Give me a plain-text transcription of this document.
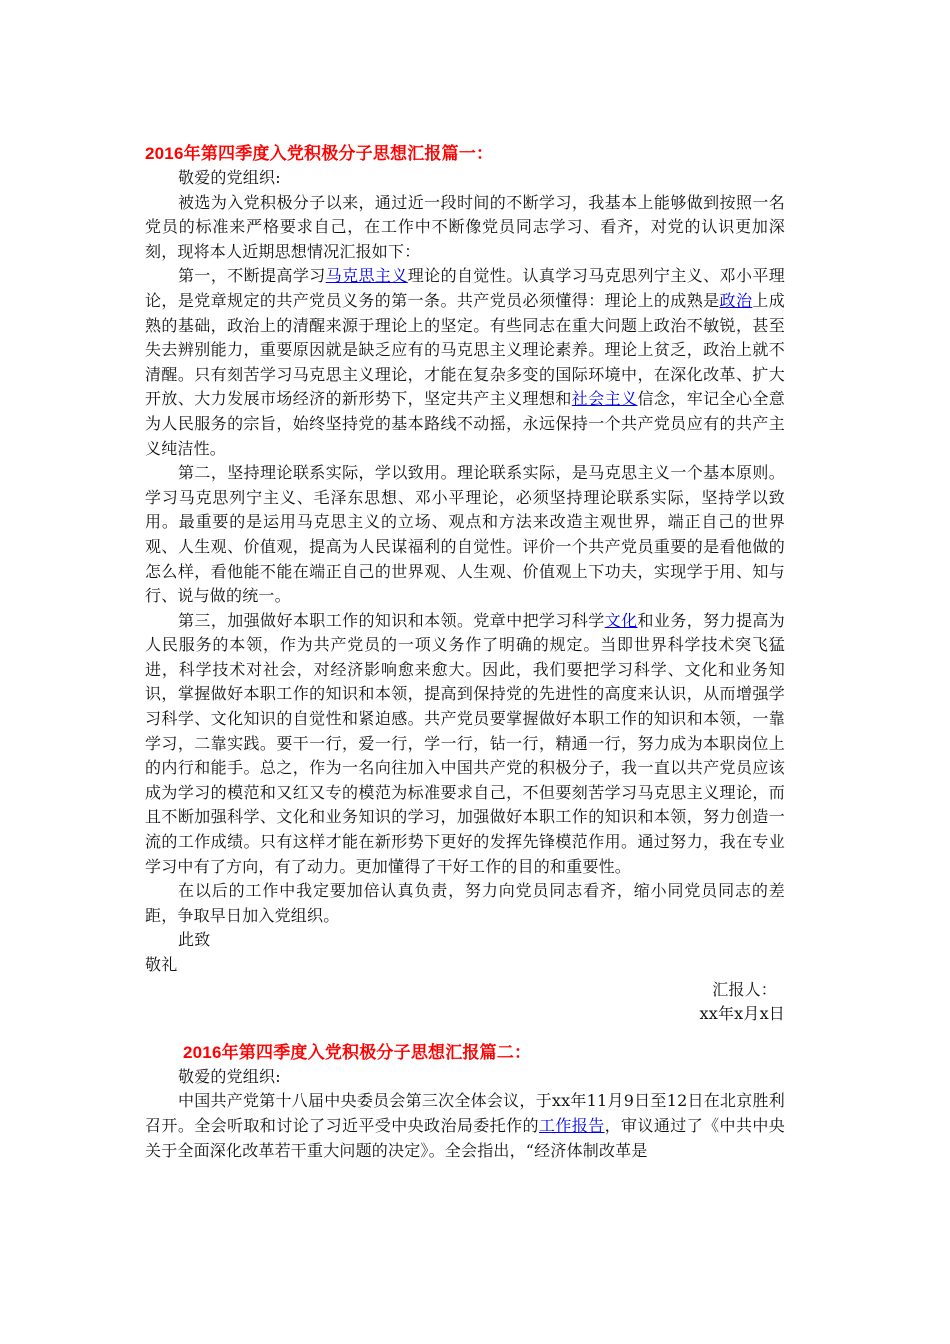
2016年第四季度入党积极分子思想汇报篇一：

敬爱的党组织:

被选为入党积极分子以来，通过近一段时间的不断学习，我基本上能够做到按照一名党员的标准来严格要求自己，在工作中不断像党员同志学习、看齐，对党的认识更加深刻，现将本人近期思想情况汇报如下：

第一，不断提高学习马克思主义理论的自觉性。认真学习马克思列宁主义、邓小平理论，是党章规定的共产党员义务的第一条。共产党员必须懂得：理论上的成熟是政治上成熟的基础，政治上的清醒来源于理论上的坚定。有些同志在重大问题上政治不敏锐，甚至失去辨别能力，重要原因就是缺乏应有的马克思主义理论素养。理论上贫乏，政治上就不清醒。只有刻苦学习马克思主义理论，才能在复杂多变的国际环境中，在深化改革、扩大开放、大力发展市场经济的新形势下，坚定共产主义理想和社会主义信念，牢记全心全意为人民服务的宗旨，始终坚持党的基本路线不动摇，永远保持一个共产党员应有的共产主义纯洁性。

第二，坚持理论联系实际，学以致用。理论联系实际，是马克思主义一个基本原则。学习马克思列宁主义、毛泽东思想、邓小平理论，必须坚持理论联系实际，坚持学以致用。最重要的是运用马克思主义的立场、观点和方法来改造主观世界，端正自己的世界观、人生观、价值观，提高为人民谋福利的自觉性。评价一个共产党员重要的是看他做的怎么样，看他能不能在端正自己的世界观、人生观、价值观上下功夫，实现学于用、知与行、说与做的统一。

第三，加强做好本职工作的知识和本领。党章中把学习科学文化和业务，努力提高为人民服务的本领，作为共产党员的一项义务作了明确的规定。当即世界科学技术突飞猛进，科学技术对社会，对经济影响愈来愈大。因此，我们要把学习科学、文化和业务知识，掌握做好本职工作的知识和本领，提高到保持党的先进性的高度来认识，从而增强学习科学、文化知识的自觉性和紧迫感。共产党员要掌握做好本职工作的知识和本领，一靠学习，二靠实践。要干一行，爱一行，学一行，钻一行，精通一行，努力成为本职岗位上的内行和能手。总之，作为一名向往加入中国共产党的积极分子，我一直以共产党员应该成为学习的模范和又红又专的模范为标准要求自己，不但要刻苦学习马克思主义理论，而且不断加强科学、文化和业务知识的学习，加强做好本职工作的知识和本领，努力创造一流的工作成绩。只有这样才能在新形势下更好的发挥先锋模范作用。通过努力，我在专业学习中有了方向，有了动力。更加懂得了干好工作的目的和重要性。

在以后的工作中我定要加倍认真负责，努力向党员同志看齐，缩小同党员同志的差距，争取早日加入党组织。

此致

敬礼

汇报人：

xx年x月x日

2016年第四季度入党积极分子思想汇报篇二：

敬爱的党组织:

中国共产党第十八届中央委员会第三次全体会议，于xx年11月9日至12日在北京胜利召开。全会听取和讨论了习近平受中央政治局委托作的工作报告，审议通过了《中共中央关于全面深化改革若干重大问题的决定》。全会指出，“经济体制改革是
